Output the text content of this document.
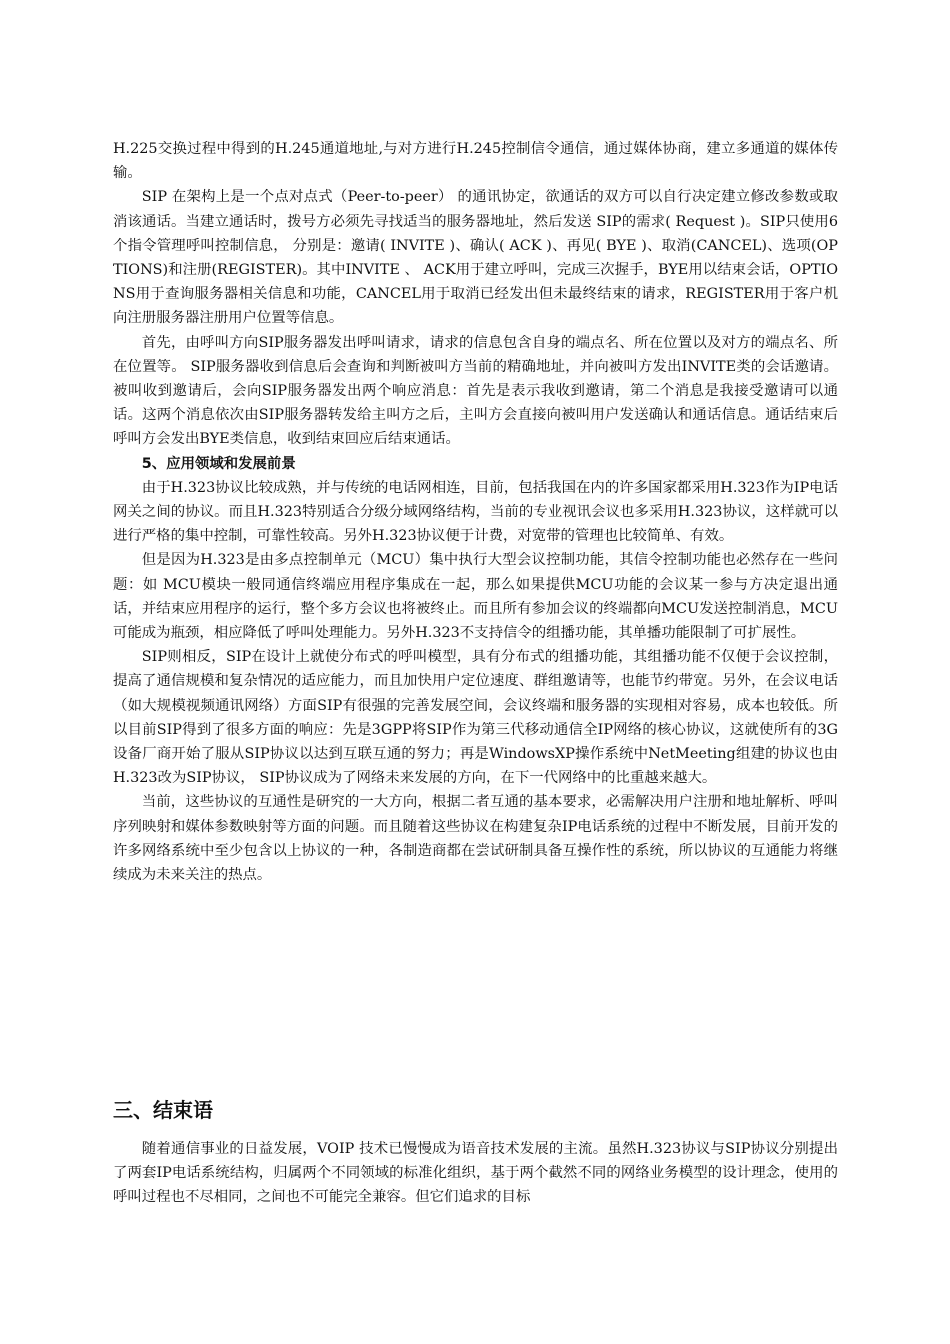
H.225交换过程中得到的H.245通道地址,与对方进行H.245控制信令通信，通过媒体协商，建立多通道的媒体传输。

SIP 在架构上是一个点对点式（Peer-to-peer） 的通讯协定，欲通话的双方可以自行决定建立修改参数或取消该通话。当建立通话时，拨号方必须先寻找适当的服务器地址，然后发送 SIP的需求( Request )。SIP只使用6个指令管理呼叫控制信息， 分别是：邀请( INVITE )、确认( ACK )、再见( BYE )、取消(CANCEL)、选项(OPTIONS)和注册(REGISTER)。其中INVITE 、 ACK用于建立呼叫，完成三次握手，BYE用以结束会话，OPTIONS用于查询服务器相关信息和功能，CANCEL用于取消已经发出但未最终结束的请求，REGISTER用于客户机向注册服务器注册用户位置等信息。

首先，由呼叫方向SIP服务器发出呼叫请求，请求的信息包含自身的端点名、所在位置以及对方的端点名、所在位置等。 SIP服务器收到信息后会查询和判断被叫方当前的精确地址，并向被叫方发出INVITE类的会话邀请。被叫收到邀请后，会向SIP服务器发出两个响应消息：首先是表示我收到邀请，第二个消息是我接受邀请可以通话。这两个消息依次由SIP服务器转发给主叫方之后，主叫方会直接向被叫用户发送确认和通话信息。通话结束后呼叫方会发出BYE类信息，收到结束回应后结束通话。

5、应用领域和发展前景

由于H.323协议比较成熟，并与传统的电话网相连，目前，包括我国在内的许多国家都采用H.323作为IP电话网关之间的协议。而且H.323特别适合分级分域网络结构，当前的专业视讯会议也多采用H.323协议，这样就可以进行严格的集中控制，可靠性较高。另外H.323协议便于计费，对宽带的管理也比较简单、有效。

但是因为H.323是由多点控制单元（MCU）集中执行大型会议控制功能，其信令控制功能也必然存在一些问题：如 MCU模块一般同通信终端应用程序集成在一起，那么如果提供MCU功能的会议某一参与方决定退出通话，并结束应用程序的运行，整个多方会议也将被终止。而且所有参加会议的终端都向MCU发送控制消息，MCU可能成为瓶颈，相应降低了呼叫处理能力。另外H.323不支持信令的组播功能，其单播功能限制了可扩展性。

SIP则相反，SIP在设计上就使分布式的呼叫模型，具有分布式的组播功能，其组播功能不仅便于会议控制，提高了通信规模和复杂情况的适应能力，而且加快用户定位速度、群组邀请等，也能节约带宽。另外，在会议电话（如大规模视频通讯网络）方面SIP有很强的完善发展空间，会议终端和服务器的实现相对容易，成本也较低。所以目前SIP得到了很多方面的响应：先是3GPP将SIP作为第三代移动通信全IP网络的核心协议，这就使所有的3G设备厂商开始了服从SIP协议以达到互联互通的努力；再是WindowsXP操作系统中NetMeeting组建的协议也由H.323改为SIP协议， SIP协议成为了网络未来发展的方向，在下一代网络中的比重越来越大。

当前，这些协议的互通性是研究的一大方向，根据二者互通的基本要求，必需解决用户注册和地址解析、呼叫序列映射和媒体参数映射等方面的问题。而且随着这些协议在构建复杂IP电话系统的过程中不断发展，目前开发的许多网络系统中至少包含以上协议的一种，各制造商都在尝试研制具备互操作性的系统，所以协议的互通能力将继续成为未来关注的热点。

三、结束语

随着通信事业的日益发展，VOIP 技术已慢慢成为语音技术发展的主流。虽然H.323协议与SIP协议分别提出了两套IP电话系统结构，归属两个不同领域的标准化组织，基于两个截然不同的网络业务模型的设计理念，使用的呼叫过程也不尽相同，之间也不可能完全兼容。但它们追求的目标
